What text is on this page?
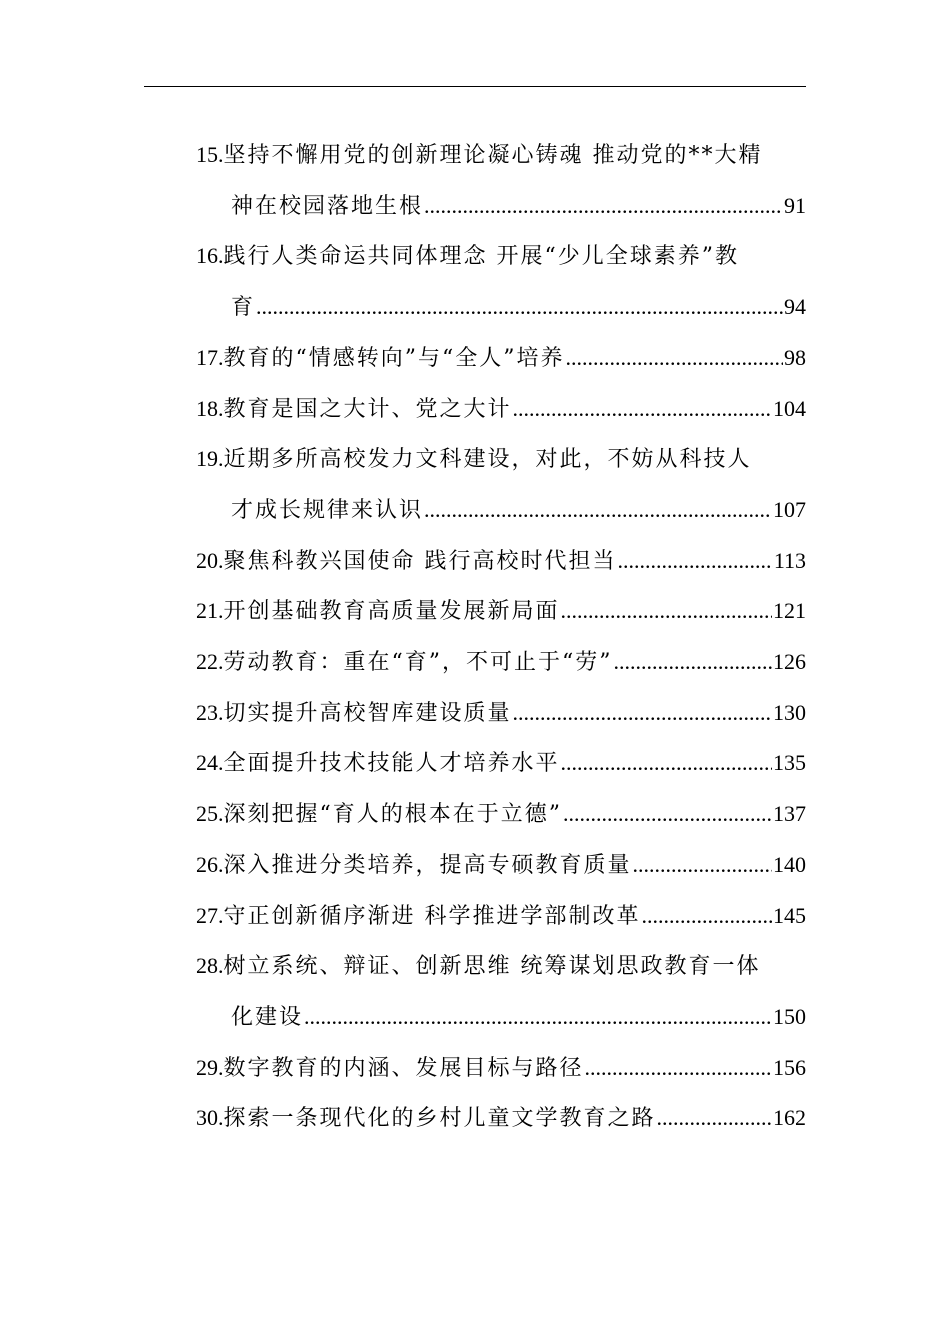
15. 坚持不懈用党的创新理论凝心铸魂 推动党的**大精
神在校园落地生根 .....	91
16. 践行人类命运共同体理念 开展“少儿全球素养”教
育 .....	94
17. 教育的“情感转向”与“全人”培养 .....	98
18. 教育是国之大计、党之大计 .....	104
19. 近期多所高校发力文科建设，对此，不妨从科技人
才成长规律来认识 .....	107
20. 聚焦科教兴国使命 践行高校时代担当 .....	113
21. 开创基础教育高质量发展新局面 .....	121
22. 劳动教育：重在“育”，不可止于“劳” .....	126
23. 切实提升高校智库建设质量 .....	130
24. 全面提升技术技能人才培养水平 .....	135
25. 深刻把握“育人的根本在于立德” .....	137
26. 深入推进分类培养，提高专硕教育质量 .....	140
27. 守正创新循序渐进 科学推进学部制改革 .....	145
28. 树立系统、辩证、创新思维 统筹谋划思政教育一体
化建设 .....	150
29. 数字教育的内涵、发展目标与路径 .....	156
30. 探索一条现代化的乡村儿童文学教育之路 .....	162
